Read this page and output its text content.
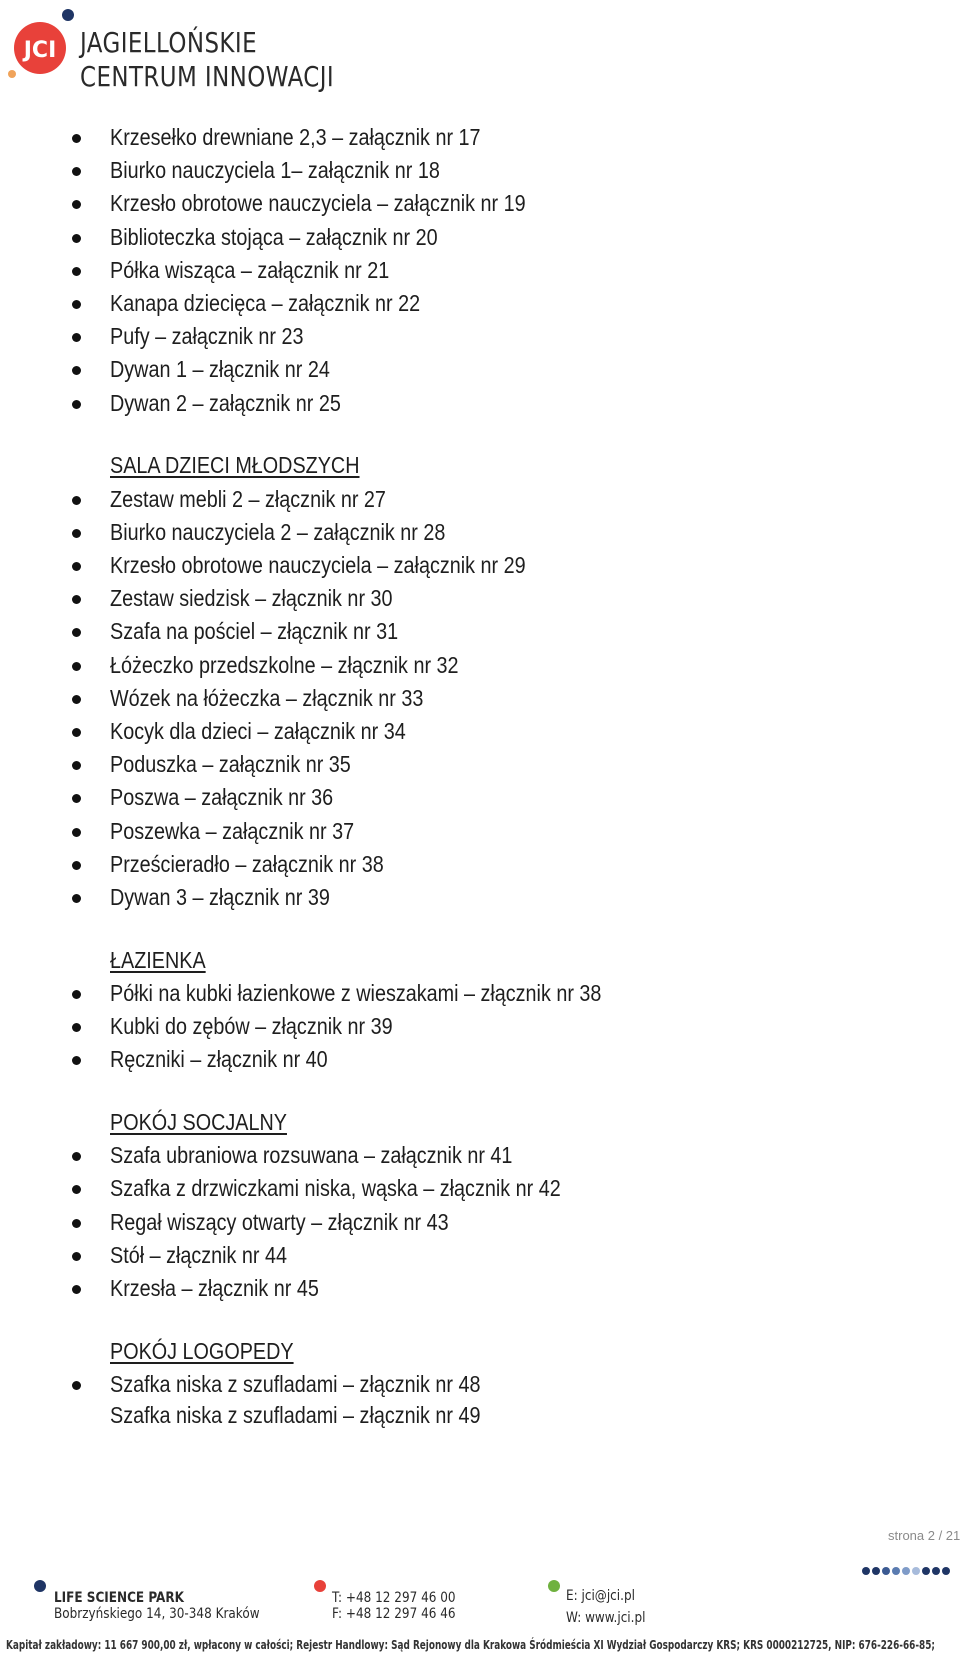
JCI JAGIELLOŃSKIE
CENTRUM INNOWACJI
Krzesełko drewniane 2,3 – załącznik nr 17
Biurko nauczyciela 1– załącznik nr 18
Krzesło obrotowe nauczyciela – załącznik nr 19
Biblioteczka stojąca – załącznik nr 20
Półka wisząca – załącznik nr 21
Kanapa dziecięca – załącznik nr 22
Pufy – załącznik nr 23
Dywan 1 – złącznik nr 24
Dywan 2 – załącznik nr 25
SALA DZIECI MŁODSZYCH
Zestaw mebli 2 – złącznik nr 27
Biurko nauczyciela 2 – załącznik nr 28
Krzesło obrotowe nauczyciela – załącznik nr 29
Zestaw siedzisk – złącznik nr 30
Szafa na pościel – złącznik nr 31
Łóżeczko przedszkolne – złącznik nr 32
Wózek na łóżeczka – złącznik nr 33
Kocyk dla dzieci – załącznik nr 34
Poduszka – załącznik nr 35
Poszwa – załącznik nr 36
Poszewka – załącznik nr 37
Prześcieradło – załącznik nr 38
Dywan 3 – złącznik nr 39
ŁAZIENKA
Półki na kubki łazienkowe z wieszakami – złącznik nr 38
Kubki do zębów – złącznik nr 39
Ręczniki – złącznik nr 40
POKÓJ SOCJALNY
Szafa ubraniowa rozsuwana – załącznik nr 41
Szafka z drzwiczkami niska, wąska – złącznik nr 42
Regał wiszący otwarty – złącznik nr 43
Stół – złącznik nr 44
Krzesła – złącznik nr 45
POKÓJ LOGOPEDY
Szafka niska z szufladami – złącznik nr 48
Szafka niska z szufladami – złącznik nr 49
strona 2 / 21
LIFE SCIENCE PARK
Bobrzyńskiego 14, 30-348 Kraków
T: +48 12 297 46 00
F: +48 12 297 46 46
E: jci@jci.pl
W: www.jci.pl
Kapitał zakładowy: 11 667 900,00 zł, wpłacony w całości; Rejestr Handlowy: Sąd Rejonowy dla Krakowa Śródmieścia XI Wydział Gospodarczy KRS; KRS 0000212725, NIP: 676-226-66-85;
